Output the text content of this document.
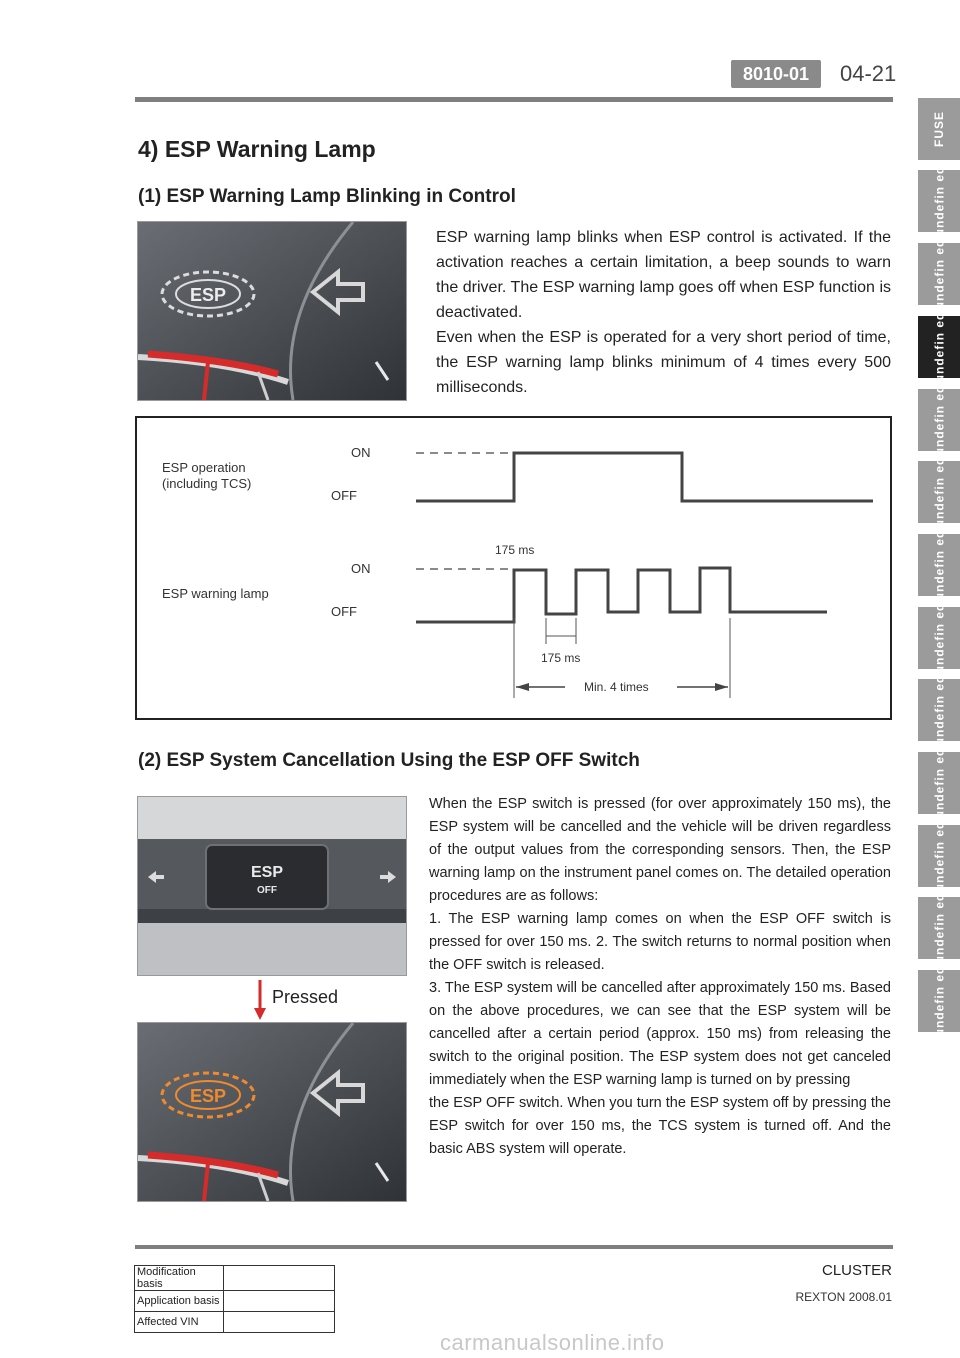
8010-01	04-21
4) ESP Warning Lamp
(1) ESP Warning Lamp Blinking in Control
ESP

ESP warning lamp blinks when ESP control is activated. If the activation reaches a certain limitation, a beep sounds to warn the driver. The ESP warning lamp goes off when ESP function is deactivated.

Even when the ESP is operated for a very short period of time, the ESP warning lamp blinks minimum of 4 times every 500 milliseconds.

ESP operation
(including TCS)
ON
OFF
175 ms
ESP warning lamp
ON
OFF
175 ms
Min. 4 times
(2) ESP System Cancellation Using the ESP OFF Switch
ESP
OFF
Pressed
ESP

When the ESP switch is pressed (for over approximately 150 ms), the ESP system will be cancelled and the vehicle will be driven regardless of the output values from the corresponding sensors. Then, the ESP warning lamp on the instrument panel comes on. The detailed operation procedures are as follows:

1. The ESP warning lamp comes on when the ESP OFF switch is pressed for over 150 ms. 2. The switch returns to normal position when the OFF switch is released.

3. The ESP system will be cancelled after approximately 150 ms. Based on the above procedures, we can see that the ESP system will be cancelled after a certain period (approx. 150 ms) from releasing the switch to the original position. The ESP system does not get canceled immediately when the ESP warning lamp is turned on by pressing

the ESP OFF switch. When you turn the ESP system off by pressing the ESP switch for over 150 ms, the TCS system is turned off. And the basic ABS system will operate.

FUSE
undefin ed
undefin ed
undefin ed
undefin ed
undefin ed
undefin ed
undefin ed
undefin ed
undefin ed
undefin ed
undefin ed
undefin ed
Modification basis	
Application basis	
Affected VIN	
CLUSTER
REXTON 2008.01
carmanualsonline.info
